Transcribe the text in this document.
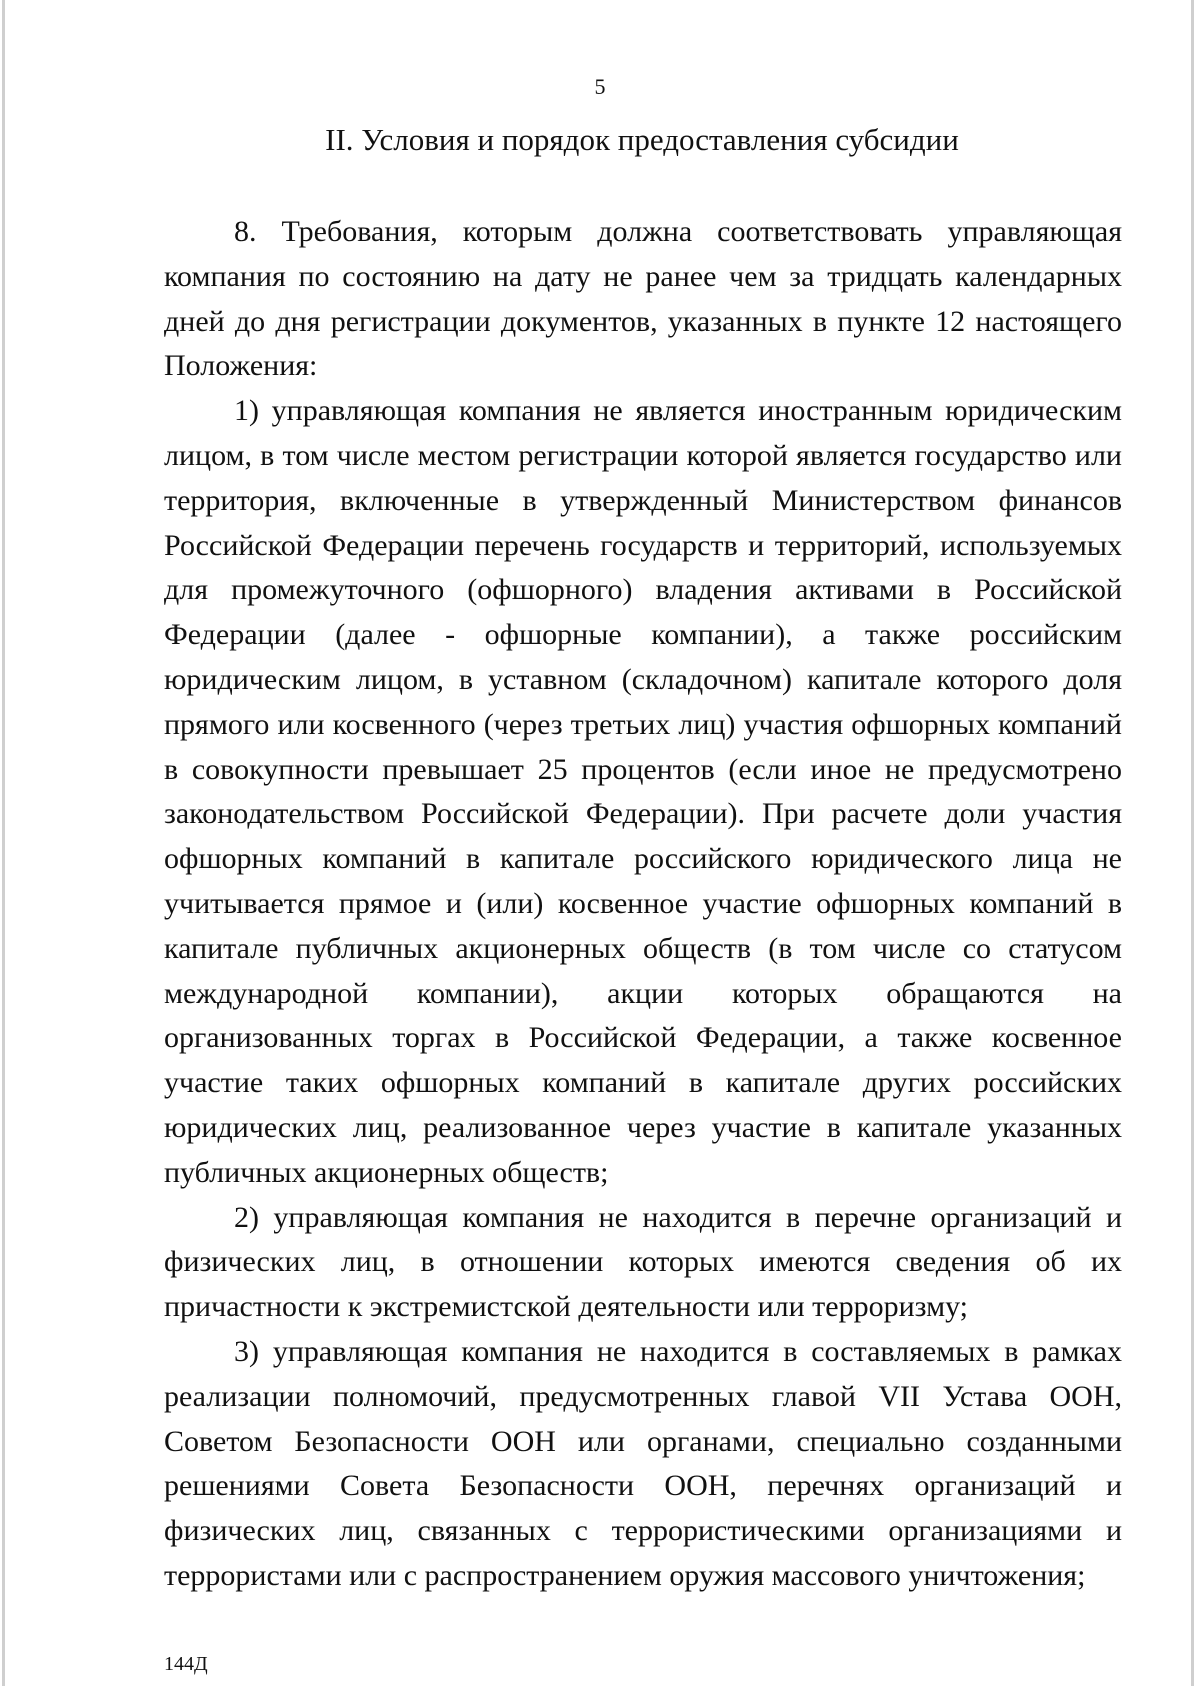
5
II. Условия и порядок предоставления субсидии

8. Требования, которым должна соответствовать управляющая компания по состоянию на дату не ранее чем за тридцать календарных дней до дня регистрации документов, указанных в пункте 12 настоящего Положения:

1) управляющая компания не является иностранным юридическим лицом, в том числе местом регистрации которой является государство или территория, включенные в утвержденный Министерством финансов Российской Федерации перечень государств и территорий, используемых для промежуточного (офшорного) владения активами в Российской Федерации (далее - офшорные компании), а также российским юридическим лицом, в уставном (складочном) капитале которого доля прямого или косвенного (через третьих лиц) участия офшорных компаний в совокупности превышает 25 процентов (если иное не предусмотрено законодательством Российской Федерации). При расчете доли участия офшорных компаний в капитале российского юридического лица не учитывается прямое и (или) косвенное участие офшорных компаний в капитале публичных акционерных обществ (в том числе со статусом международной компании), акции которых обращаются на организованных торгах в Российской Федерации, а также косвенное участие таких офшорных компаний в капитале других российских юридических лиц, реализованное через участие в капитале указанных публичных акционерных обществ;

2) управляющая компания не находится в перечне организаций и физических лиц, в отношении которых имеются сведения об их причастности к экстремистской деятельности или терроризму;

3) управляющая компания не находится в составляемых в рамках реализации полномочий, предусмотренных главой VII Устава ООН, Советом Безопасности ООН или органами, специально созданными решениями Совета Безопасности ООН, перечнях организаций и физических лиц, связанных с террористическими организациями и террористами или с распространением оружия массового уничтожения;

144Д
